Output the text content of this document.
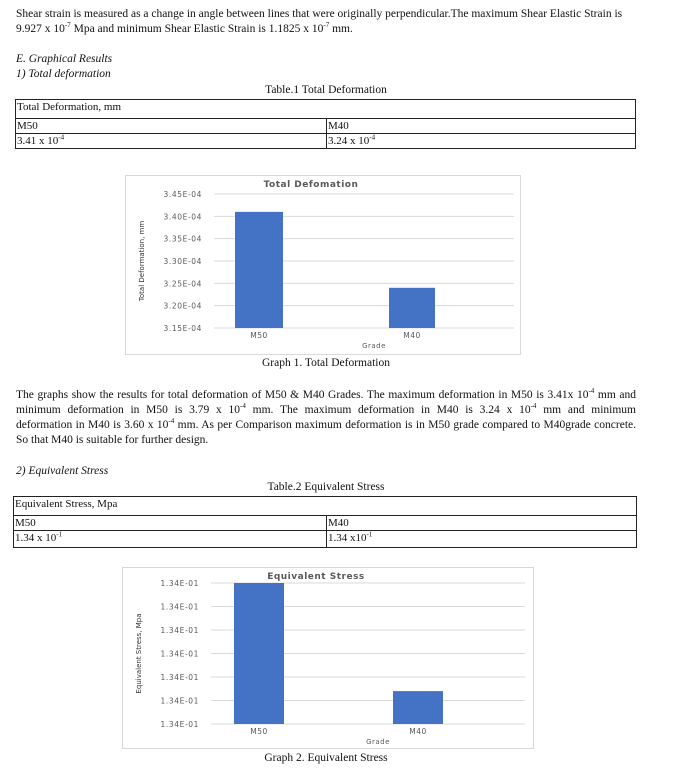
Shear strain is measured as a change in angle between lines that were originally perpendicular.The maximum Shear Elastic Strain is
9.927 x $10^{-7}$ Mpa and minimum Shear Elastic Strain is 1.1825 x $10^{-7}$ mm.
E. Graphical Results
1) Total deformation
Table.1 Total Deformation
Total Deformation, mm	
M50	M40
3.41 x $10^{-4}$	3.24 x $10^{-4}$
Total Defomation
3.45E-04
3.40E-04
3.35E-04
3.30E-04
3.25E-04
3.20E-04
3.15E-04
M50	M40
Grade
Total Deformation, mm
Graph 1. Total Deformation
The graphs show the results for total deformation of M50 & M40 Grades. The maximum deformation in M50 is 3.41x $10^{-4}$ mm and
minimum deformation in M50 is 3.79 x $10^{-4}$ mm. The maximum deformation in M40 is 3.24 x $10^{-4}$ mm and minimum
deformation in M40 is 3.60 x $10^{-4}$ mm. As per Comparison maximum deformation is in M50 grade compared to M40grade concrete.
So that M40 is suitable for further design.
2) Equivalent Stress
Table.2 Equivalent Stress
Equivalent Stress, Mpa	
M50	M40
1.34 x $10^{-1}$	1.34 $x10^{-1}$
Equivalent Stress
1.34E-01
1.34E-01
1.34E-01
1.34E-01
1.34E-01
1.34E-01
1.34E-01
M50	M40
Grade
Equivalent Stress, Mpa
Graph 2. Equivalent Stress
